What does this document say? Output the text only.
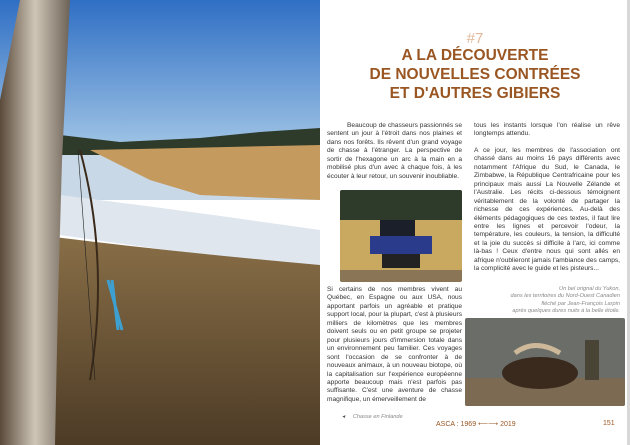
#7
A LA DÉCOUVERTE
DE NOUVELLES CONTRÉES
ET D'AUTRES GIBIERS

Beaucoup de chasseurs passionnés se sentent un jour à l'étroit dans nos plaines et dans nos forêts. Ils rêvent d'un grand voyage de chasse à l'étranger. La perspective de sortir de l'hexagone un arc à la main en a mobilisé plus d'un avec à chaque fois, à les écouter à leur retour, un souvenir inoubliable.

Si certains de nos membres vivent au Québec, en Espagne ou aux USA, nous apportant parfois un agréable et pratique support local, pour la plupart, c'est à plusieurs milliers de kilomètres que les membres doivent seuls ou en petit groupe se projeter pour plusieurs jours d'immersion totale dans un environnement peu familier. Ces voyages sont l'occasion de se confronter à de nouveaux animaux, à un nouveau biotope, où la capitalisation sur l'expérience européenne apporte beaucoup mais n'est parfois pas suffisante. C'est une aventure de chasse magnifique, un émerveillement de

tous les instants lorsque l'on réalise un rêve longtemps attendu.

A ce jour, les membres de l'association ont chassé dans au moins 16 pays différents avec notamment l'Afrique du Sud, le Canada, le Zimbabwe, la République Centrafricaine pour les principaux mais aussi La Nouvelle Zélande et l'Australie. Les récits ci-dessous témoignent véritablement de la volonté de partager la richesse de ces expériences. Au-delà des éléments pédagogiques de ces textes, il faut lire entre les lignes et percevoir l'odeur, la température, les couleurs, la tension, la difficulté et la joie du succès si difficile à l'arc, ici comme là-bas ! Ceux d'entre nous qui sont allés en afrique n'oublieront jamais l'ambiance des camps, la complicité avec le guide et les pisteurs...

Un bel orignal du Yukon,
dans les territoires du Nord-Ouest Canadien
fléché par Jean-François Larpin
après quelques dures nuits à la belle étoile.
◂ Chasse en Finlande
ASCA : 1969 ⟵⟶ 2019	151
